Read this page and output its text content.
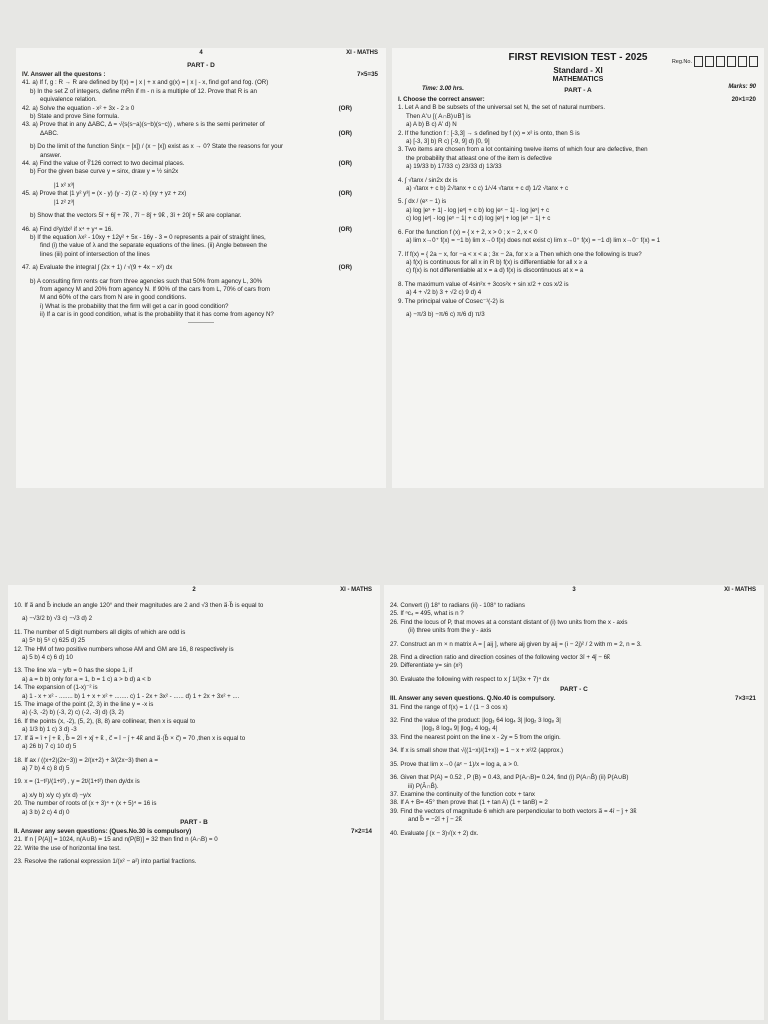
4	XI - MATHS
PART - D
IV. Answer all the questons :	7×5=35
41. a) If f, g : R → R are defined by f(x) = | x | + x and g(x) = | x | - x, find gof and fog. (OR)
b) In the set Z of integers, define mRn if m - n is a multiple of 12. Prove that R is an
equivalence relation.
42. a) Solve the equation - x² + 3x - 2 ≥ 0	(OR)
b) State and prove Sine formula.
43. a) Prove that in any ΔABC, Δ = √(s(s−a)(s−b)(s−c)) , where s is the semi perimeter of
ΔABC.	(OR)
b) Do the limit of the function Sin(x − [x]) / (x − [x]) exist as x → 0? State the reasons for your
answer.
44. a) Find the value of ∛126 correct to two decimal places.	(OR)
b) For the given base curve y = sinx, draw y = ½ sin2x
|1 x² x³|
45. a) Prove that |1 y² y³| = (x - y) (y - z) (z - x) (xy + yz + zx)	(OR)
|1 z² z³|
b) Show that the vectors 5î + 6ĵ + 7k̂ , 7î − 8ĵ + 9k̂ , 3î + 20ĵ + 5k̂ are coplanar.
46. a) Find d²y/dx² if x⁴ + y⁴ = 16.	(OR)
b) If the equation λx² - 10xy + 12y² + 5x - 16y - 3 = 0 represents a pair of straight lines,
find (i) the value of λ and the separate equations of the lines. (ii) Angle between the
lines (iii) point of intersection of the lines
47. a) Evaluate the integral ∫ (2x + 1) / √(9 + 4x − x²) dx	(OR)
b) A consulting firm rents car from three agencies such that 50% from agency L, 30%
from agency M and 20% from agency N. If 90% of the cars from L, 70% of cars from
M and 60% of the cars from N are in good conditions.
i) What is the probability that the firm will get a car in good condition?
ii) If a car is in good condition, what is the probability that it has come from agency N?
-------------
Reg.No.
FIRST REVISION TEST - 2025
Standard - XI
MATHEMATICS
Time: 3.00 hrs.	Marks: 90
PART - A
I. Choose the correct answer:	20×1=20
1. Let A and B be subsets of the universal set N, the set of natural numbers.
Then A'∪ [( A∩B)∪B'] is
a) A b) B c) A' d) N
2. If the function f : [-3,3] → s defined by f (x) = x² is onto, then S is
a) [-3, 3] b) R c) [-9, 9] d) [0, 9]
3. Two items are chosen from a lot containing twelve items of which four are defective, then
the probability that atleast one of the item is defective
a) 19/33 b) 17/33 c) 23/33 d) 13/33
4. ∫ √tanx / sin2x dx is
a) √tanx + c b) 2√tanx + c c) 1/√4 √tanx + c d) 1/2 √tanx + c
5. ∫ dx / (eˣ − 1) is
a) log |eˣ + 1| - log |eˣ| + c b) log |eˣ − 1| - log |eˣ| + c
c) log |eˣ| - log |eˣ − 1| + c d) log |eˣ| + log |eˣ − 1| + c
6. For the function f (x) = { x + 2, x > 0 ; x − 2, x < 0
a) lim x→0⁺ f(x) = −1 b) lim x→0 f(x) does not exist c) lim x→0⁺ f(x) = −1 d) lim x→0⁻ f(x) = 1
7. If f(x) = { 2a − x, for −a < x < a ; 3x − 2a, for x ≥ a Then which one the following is true?
a) f(x) is continuous for all x in R b) f(x) is differentiable for all x ≥ a
c) f(x) is not differentiable at x = a d) f(x) is discontinuous at x = a
8. The maximum value of 4sin²x + 3cos²x + sin x/2 + cos x/2 is
a) 4 + √2 b) 3 + √2 c) 9 d) 4
9. The principal value of Cosec⁻¹(-2) is
a) −π/3 b) −π/6 c) π/6 d) π/3
2	XI - MATHS
10. If a⃗ and b⃗ include an angle 120° and their magnitudes are 2 and √3 then a⃗·b⃗ is equal to
a) −√3/2 b) √3 c) −√3 d) 2
11. The number of 5 digit numbers all digits of which are odd is
a) 5⁵ b) 5⁶ c) 625 d) 25
12. The HM of two positive numbers whose AM and GM are 16, 8 respectively is
a) 5 b) 4 c) 6 d) 10
13. The line x/a − y/b = 0 has the slope 1, if
a) a = b b) only for a = 1, b = 1 c) a > b d) a < b
14. The expansion of (1-x)⁻² is
a) 1 - x + x² - ........ b) 1 + x + x² + ........ c) 1 - 2x + 3x² - ...... d) 1 + 2x + 3x² + ....
15. The image of the point (2, 3) in the line y = -x is
a) (-3, -2) b) (-3, 2) c) (-2, -3) d) (3, 2)
16. If the points (x, -2), (5, 2), (8, 8) are collinear, then x is equal to
a) 1/3 b) 1 c) 3 d) -3
17. If a⃗ = î + ĵ + k̂ , b⃗ = 2î + xĵ + k̂ , c⃗ = î − ĵ + 4k̂ and a⃗·(b⃗ × c⃗) = 70 ,then x is equal to
a) 26 b) 7 c) 10 d) 5
18. If ax / ((x+2)(2x−3)) = 2/(x+2) + 3/(2x−3) then a =
a) 7 b) 4 c) 8 d) 5
19. x = (1−t²)/(1+t²) , y = 2t/(1+t²) then dy/dx is
a) x/y b) x/y c) y/x d) −y/x
20. The number of roots of (x + 3)⁴ + (x + 5)⁴ = 16 is
a) 3 b) 2 c) 4 d) 0
PART - B
II. Answer any seven questions: (Ques.No.30 is compulsory)	7×2=14
21. If n [ P(A)] = 1024, n(A∪B) = 15 and n(P(B)] = 32 then find n (A∩B) = 0
22. Write the use of horizontal line test.
23. Resolve the rational expression 1/(x² − a²) into partial fractions.
3	XI - MATHS
24. Convert (i) 18° to radians (ii) - 108° to radians
25. If ⁿc₄ = 495, what is n ?
26. Find the locus of P, that moves at a constant distant of (i) two units from the x - axis
(ii) three units from the y - axis
27. Construct an m × n matrix A = [ aij ], where aij given by aij = (i − 2j)² / 2 with m = 2, n = 3.
28. Find a direction ratio and direction cosines of the following vector 3î + 4ĵ − 6k̂
29. Differentiate y= sin (x²)
30. Evaluate the following with respect to x ∫ 1/(3x + 7)⁴ dx
PART - C
III. Answer any seven questions. Q.No.40 is compulsory.	7×3=21
31. Find the range of f(x) = 1 / (1 − 3 cos x)
32. Find the value of the product: |log₃ 64 log₄ 3| |log₂ 3 log₈ 3|
|log₃ 8 log₄ 9| |log₃ 4 log₃ 4|
33. Find the nearest point on the line x - 2y = 5 from the origin.
34. If x is small show that √((1−x)/(1+x)) = 1 − x + x²/2 (approx.)
35. Prove that lim x→0 (aˣ − 1)/x = log a, a > 0.
36. Given that P(A) = 0.52 , P (B) = 0.43, and P(A∩B)= 0.24, find (i) P(A∩B̄) (ii) P(A∪B)
iii) P(Ā∩B̄).
37. Examine the continuity of the function cotx + tanx
38. If A + B= 45° then prove that (1 + tan A) (1 + tanB) = 2
39. Find the vectors of magnitude 6 which are perpendicular to both vectors a⃗ = 4î − ĵ + 3k̂
and b⃗ = −2î + ĵ − 2k̂
40. Evaluate ∫ (x − 3)√(x + 2) dx.
